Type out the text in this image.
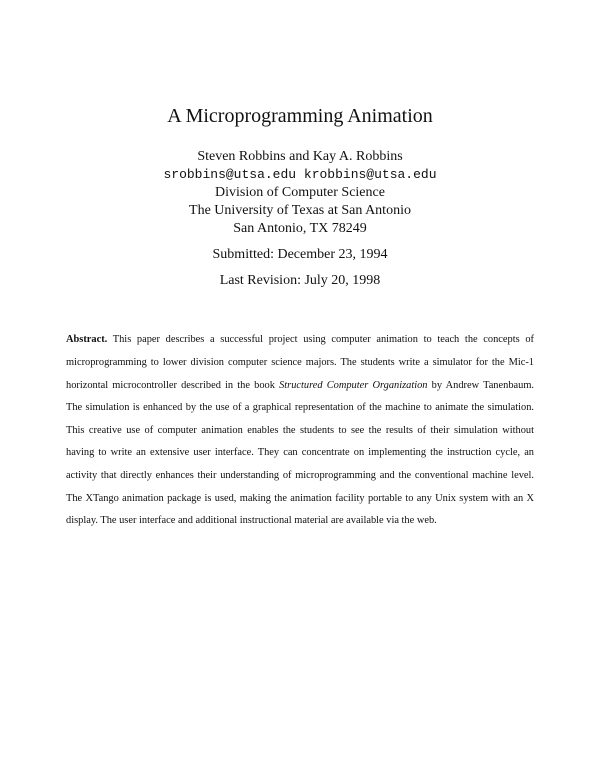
A Microprogramming Animation
Steven Robbins and Kay A. Robbins
srobbins@utsa.edu krobbins@utsa.edu
Division of Computer Science
The University of Texas at San Antonio
San Antonio, TX 78249
Submitted: December 23, 1994
Last Revision: July 20, 1998

Abstract. This paper describes a successful project using computer animation to teach the concepts of microprogramming to lower division computer science majors. The students write a simulator for the Mic-1 horizontal microcontroller described in the book Structured Computer Organization by Andrew Tanenbaum. The simulation is enhanced by the use of a graphical representation of the machine to animate the simulation. This creative use of computer animation enables the students to see the results of their simulation without having to write an extensive user interface. They can concentrate on implementing the instruction cycle, an activity that directly enhances their understanding of microprogramming and the conventional machine level. The XTango animation package is used, making the animation facility portable to any Unix system with an X display. The user interface and additional instructional material are available via the web.
